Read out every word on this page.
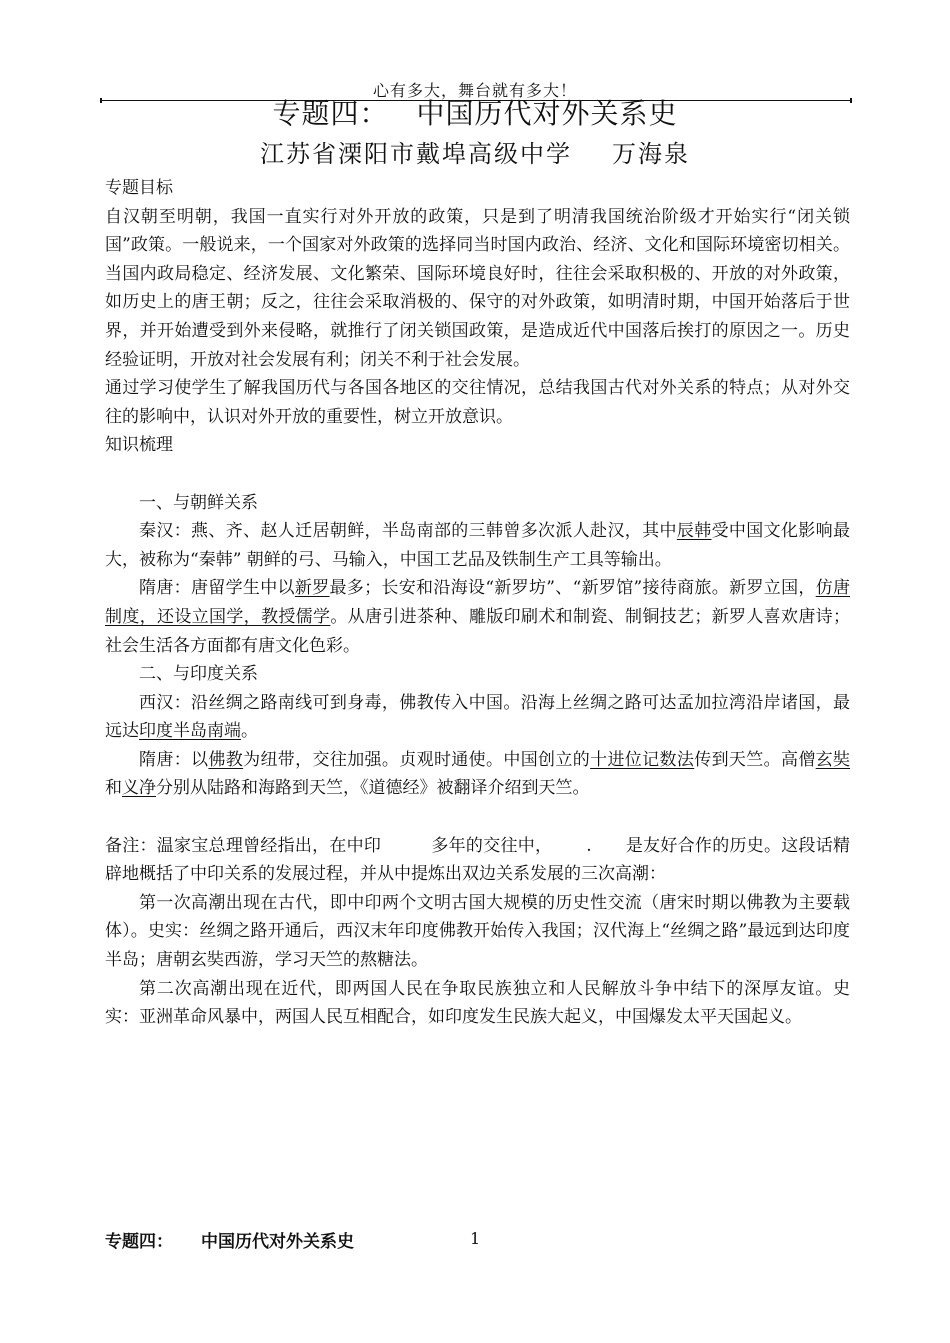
心有多大，舞台就有多大！
专题四： 中国历代对外关系史
江苏省溧阳市戴埠高级中学 万海泉

专题目标

自汉朝至明朝，我国一直实行对外开放的政策，只是到了明清我国统治阶级才开始实行“闭关锁国”政策。一般说来，一个国家对外政策的选择同当时国内政治、经济、文化和国际环境密切相关。当国内政局稳定、经济发展、文化繁荣、国际环境良好时，往往会采取积极的、开放的对外政策，如历史上的唐王朝；反之，往往会采取消极的、保守的对外政策，如明清时期，中国开始落后于世界，并开始遭受到外来侵略，就推行了闭关锁国政策，是造成近代中国落后挨打的原因之一。历史经验证明，开放对社会发展有利；闭关不利于社会发展。

通过学习使学生了解我国历代与各国各地区的交往情况，总结我国古代对外关系的特点；从对外交往的影响中，认识对外开放的重要性，树立开放意识。

知识梳理

一、与朝鲜关系

秦汉：燕、齐、赵人迁居朝鲜，半岛南部的三韩曾多次派人赴汉，其中辰韩受中国文化影响最大，被称为“秦韩” 朝鲜的弓、马输入，中国工艺品及铁制生产工具等输出。

隋唐：唐留学生中以新罗最多；长安和沿海设“新罗坊”、“新罗馆”接待商旅。新罗立国，仿唐制度，还设立国学，教授儒学。从唐引进茶种、雕版印刷术和制瓷、制铜技艺；新罗人喜欢唐诗；社会生活各方面都有唐文化色彩。

二、与印度关系

西汉：沿丝绸之路南线可到身毒，佛教传入中国。沿海上丝绸之路可达孟加拉湾沿岸诸国，最远达印度半岛南端。

隋唐：以佛教为纽带，交往加强。贞观时通使。中国创立的十进位记数法传到天竺。高僧玄奘和义净分别从陆路和海路到天竺，《道德经》被翻译介绍到天竺。

备注：温家宝总理曾经指出，在中印	多年的交往中， . 是友好合作的历史。这段话精辟地概括了中印关系的发展过程，并从中提炼出双边关系发展的三次高潮：

第一次高潮出现在古代，即中印两个文明古国大规模的历史性交流（唐宋时期以佛教为主要载体）。史实：丝绸之路开通后，西汉末年印度佛教开始传入我国；汉代海上“丝绸之路”最远到达印度半岛；唐朝玄奘西游，学习天竺的熬糖法。

第二次高潮出现在近代，即两国人民在争取民族独立和人民解放斗争中结下的深厚友谊。史实：亚洲革命风暴中，两国人民互相配合，如印度发生民族大起义，中国爆发太平天国起义。

专题四： 中国历代对外关系史	1
